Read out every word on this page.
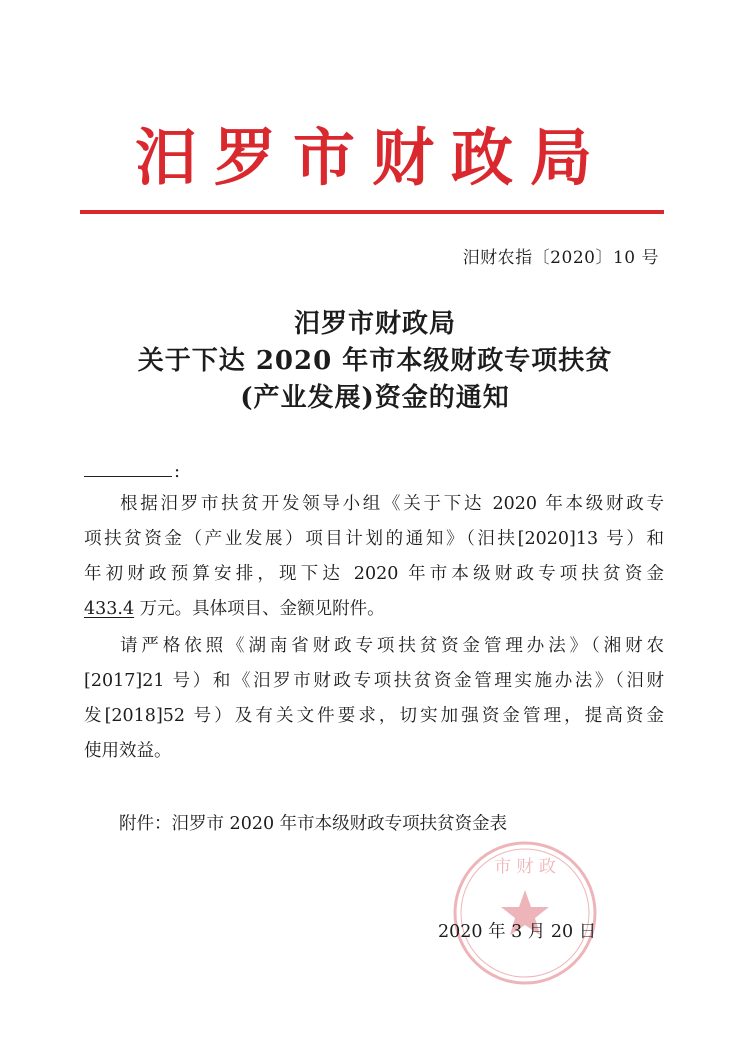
汨罗市财政局
汨财农指〔2020〕10 号
汨罗市财政局
关于下达 2020 年市本级财政专项扶贫
(产业发展)资金的通知
:
根据汨罗市扶贫开发领导小组《关于下达 2020 年本级财政专
项扶贫资金（产业发展）项目计划的通知》（汨扶[2020]13 号）和
年初财政预算安排，现下达 2020 年市本级财政专项扶贫资金
433.4 万元。具体项目、金额见附件。
请严格依照《湖南省财政专项扶贫资金管理办法》（湘财农
[2017]21 号）和《汨罗市财政专项扶贫资金管理实施办法》（汨财
发[2018]52 号）及有关文件要求，切实加强资金管理，提高资金
使用效益。
附件：汨罗市 2020 年市本级财政专项扶贫资金表
市 财 政
2020 年 3 月 20 日
